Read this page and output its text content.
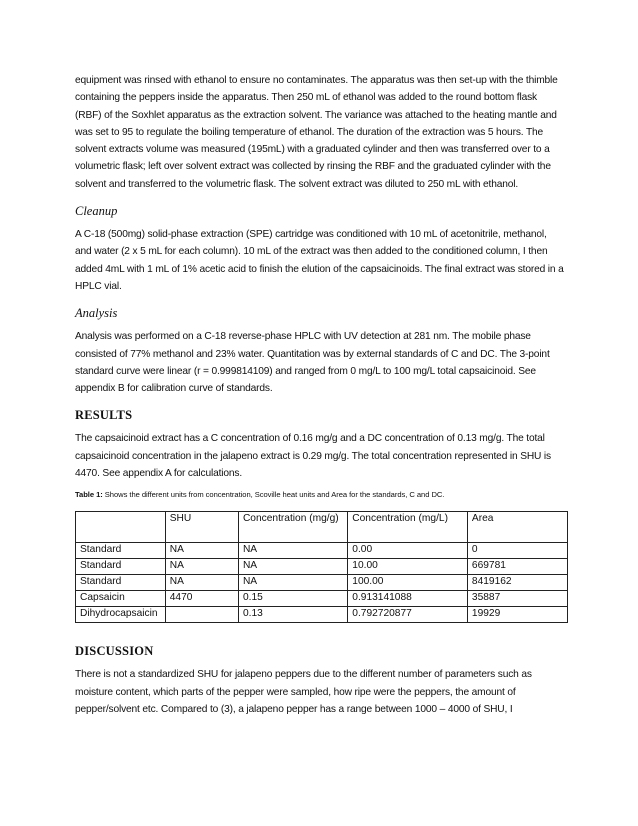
equipment was rinsed with ethanol to ensure no contaminates. The apparatus was then set-up with the thimble containing the peppers inside the apparatus. Then 250 mL of ethanol was added to the round bottom flask (RBF) of the Soxhlet apparatus as the extraction solvent. The variance was attached to the heating mantle and was set to 95 to regulate the boiling temperature of ethanol. The duration of the extraction was 5 hours. The solvent extracts volume was measured (195mL) with a graduated cylinder and then was transferred over to a volumetric flask; left over solvent extract was collected by rinsing the RBF and the graduated cylinder with the solvent and transferred to the volumetric flask. The solvent extract was diluted to 250 mL with ethanol.

Cleanup

A C-18 (500mg) solid-phase extraction (SPE) cartridge was conditioned with 10 mL of acetonitrile, methanol, and water (2 x 5 mL for each column). 10 mL of the extract was then added to the conditioned column, I then added 4mL with 1 mL of 1% acetic acid to finish the elution of the capsaicinoids. The final extract was stored in a HPLC vial.

Analysis

Analysis was performed on a C-18 reverse-phase HPLC with UV detection at 281 nm. The mobile phase consisted of 77% methanol and 23% water. Quantitation was by external standards of C and DC. The 3-point standard curve were linear (r = 0.999814109) and ranged from 0 mg/L to 100 mg/L total capsaicinoid. See appendix B for calibration curve of standards.

RESULTS

The capsaicinoid extract has a C concentration of 0.16 mg/g and a DC concentration of 0.13 mg/g. The total capsaicinoid concentration in the jalapeno extract is 0.29 mg/g. The total concentration represented in SHU is 4470. See appendix A for calculations.

Table 1: Shows the different units from concentration, Scoville heat units and Area for the standards, C and DC.

	SHU	Concentration (mg/g)	Concentration (mg/L)	Area
Standard	NA	NA	0.00	0
Standard	NA	NA	10.00	669781
Standard	NA	NA	100.00	8419162
Capsaicin	4470	0.15	0.913141088	35887
Dihydrocapsaicin		0.13	0.792720877	19929
DISCUSSION

There is not a standardized SHU for jalapeno peppers due to the different number of parameters such as moisture content, which parts of the pepper were sampled, how ripe were the peppers, the amount of pepper/solvent etc. Compared to (3), a jalapeno pepper has a range between 1000 – 4000 of SHU, I
